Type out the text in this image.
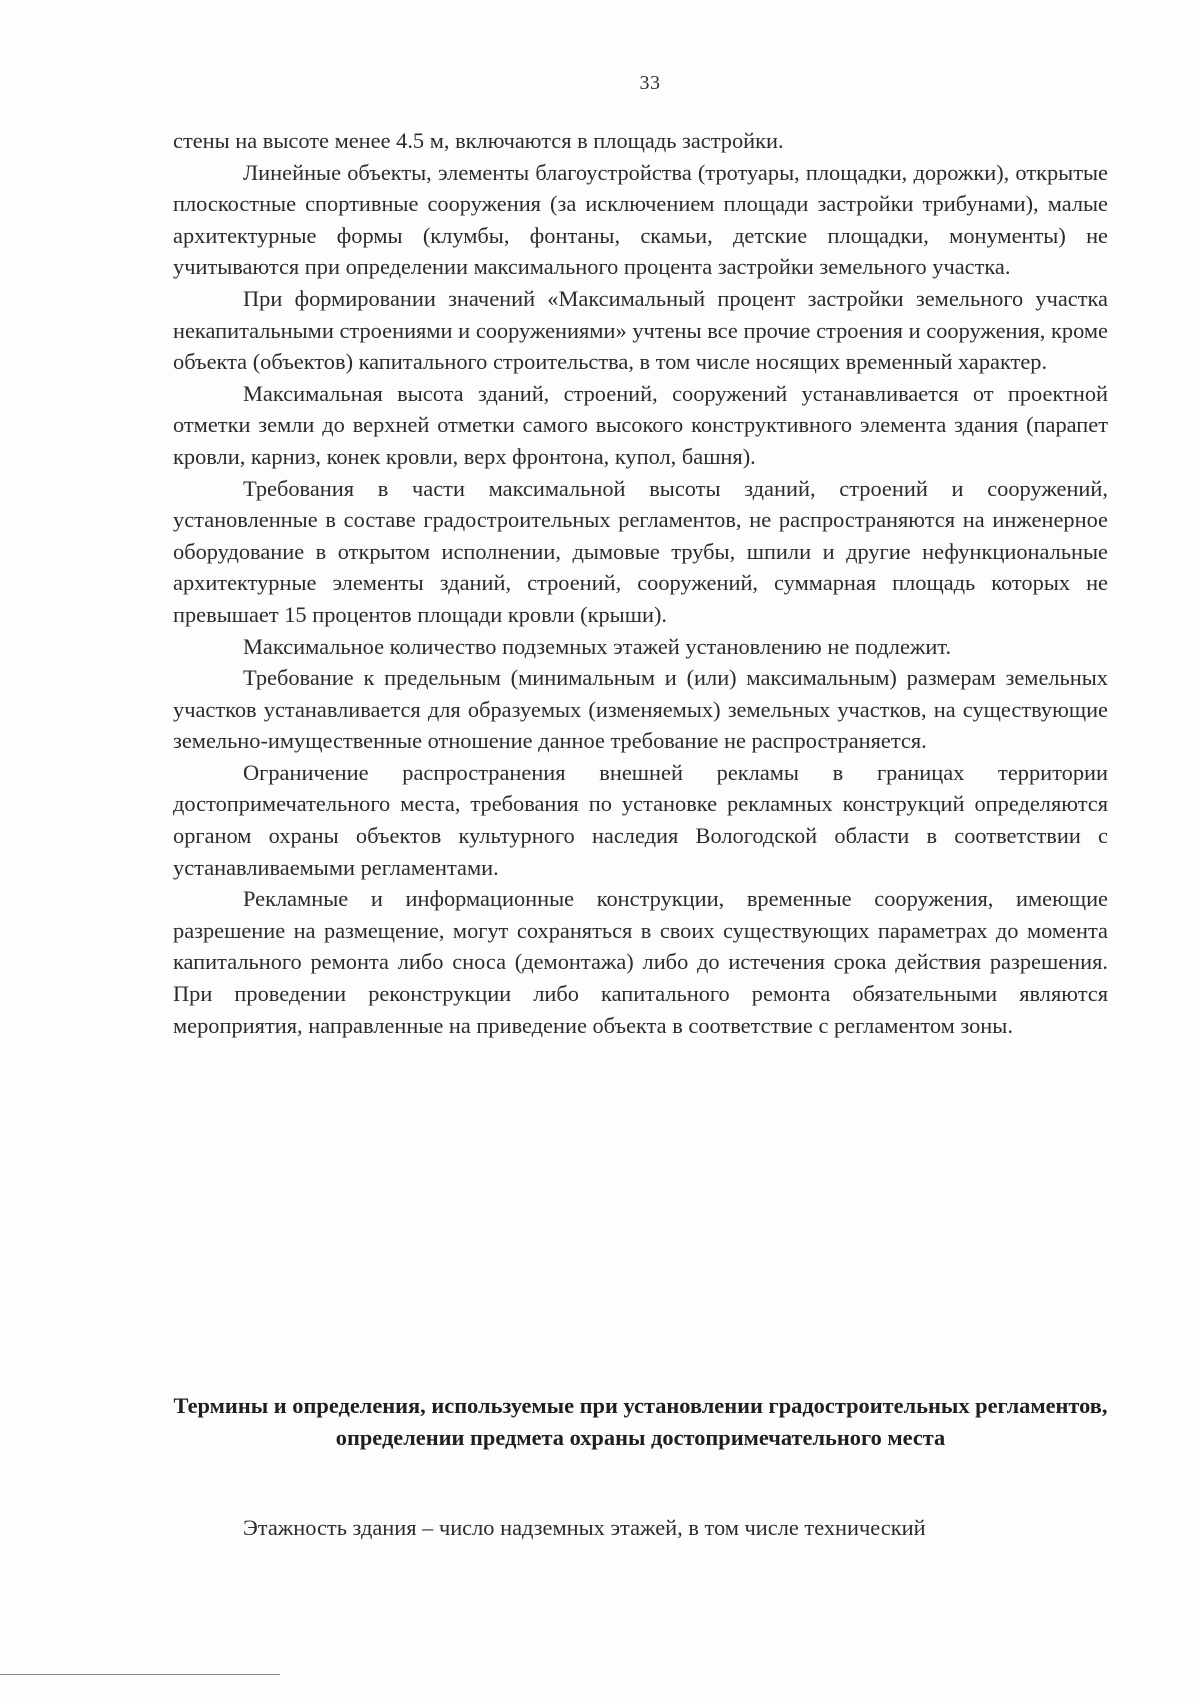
33

стены на высоте менее 4.5 м, включаются в площадь застройки.

Линейные объекты, элементы благоустройства (тротуары, площадки, дорожки), открытые плоскостные спортивные сооружения (за исключением площади застройки трибунами), малые архитектурные формы (клумбы, фонтаны, скамьи, детские площадки, монументы) не учитываются при определении максимального процента застройки земельного участка.

При формировании значений «Максимальный процент застройки земельного участка некапитальными строениями и сооружениями» учтены все прочие строения и сооружения, кроме объекта (объектов) капитального строительства, в том числе носящих временный характер.

Максимальная высота зданий, строений, сооружений устанавливается от проектной отметки земли до верхней отметки самого высокого конструктивного элемента здания (парапет кровли, карниз, конек кровли, верх фронтона, купол, башня).

Требования в части максимальной высоты зданий, строений и сооружений, установленные в составе градостроительных регламентов, не распространяются на инженерное оборудование в открытом исполнении, дымовые трубы, шпили и другие нефункциональные архитектурные элементы зданий, строений, сооружений, суммарная площадь которых не превышает 15 процентов площади кровли (крыши).

Максимальное количество подземных этажей установлению не подлежит.

Требование к предельным (минимальным и (или) максимальным) размерам земельных участков устанавливается для образуемых (изменяемых) земельных участков, на существующие земельно-имущественные отношение данное требование не распространяется.

Ограничение распространения внешней рекламы в границах территории достопримечательного места, требования по установке рекламных конструкций определяются органом охраны объектов культурного наследия Вологодской области в соответствии с устанавливаемыми регламентами.

Рекламные и информационные конструкции, временные сооружения, имеющие разрешение на размещение, могут сохраняться в своих существующих параметрах до момента капитального ремонта либо сноса (демонтажа) либо до истечения срока действия разрешения. При проведении реконструкции либо капитального ремонта обязательными являются мероприятия, направленные на приведение объекта в соответствие с регламентом зоны.

Термины и определения, используемые при установлении градостроительных регламентов, определении предмета охраны достопримечательного места

Этажность здания – число надземных этажей, в том числе технический
